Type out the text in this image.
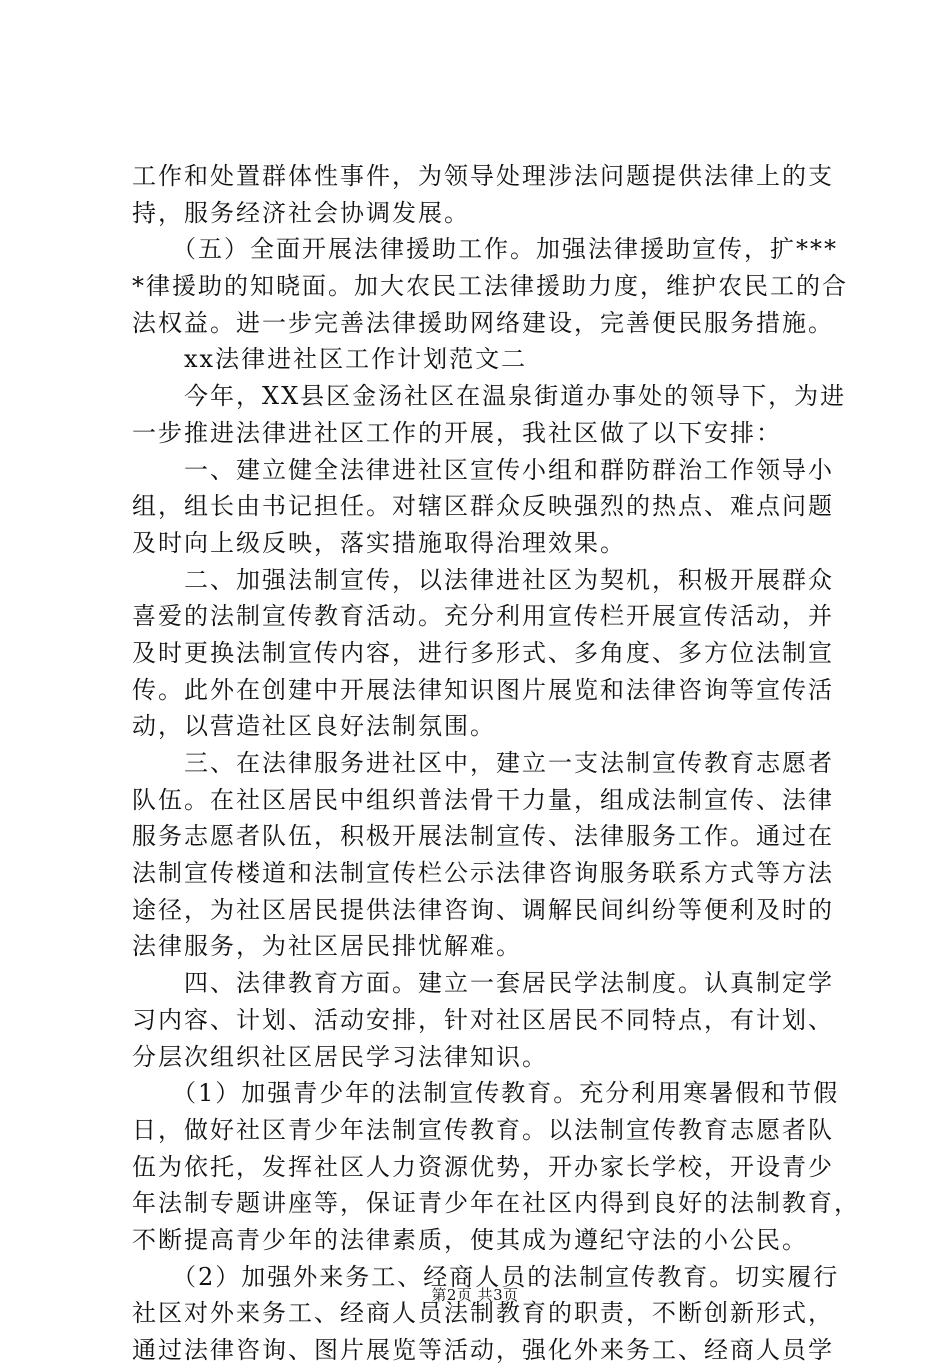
工作和处置群体性事件，为领导处理涉法问题提供法律上的支
持，服务经济社会协调发展。
　　（五）全面开展法律援助工作。加强法律援助宣传，扩***
*律援助的知晓面。加大农民工法律援助力度，维护农民工的合
法权益。进一步完善法律援助网络建设，完善便民服务措施。
　　xx法律进社区工作计划范文二
　　今年，XX县区金汤社区在温泉街道办事处的领导下，为进
一步推进法律进社区工作的开展，我社区做了以下安排：
　　一、建立健全法律进社区宣传小组和群防群治工作领导小
组，组长由书记担任。对辖区群众反映强烈的热点、难点问题
及时向上级反映，落实措施取得治理效果。
　　二、加强法制宣传，以法律进社区为契机，积极开展群众
喜爱的法制宣传教育活动。充分利用宣传栏开展宣传活动，并
及时更换法制宣传内容，进行多形式、多角度、多方位法制宣
传。此外在创建中开展法律知识图片展览和法律咨询等宣传活
动，以营造社区良好法制氛围。
　　三、在法律服务进社区中，建立一支法制宣传教育志愿者
队伍。在社区居民中组织普法骨干力量，组成法制宣传、法律
服务志愿者队伍，积极开展法制宣传、法律服务工作。通过在
法制宣传楼道和法制宣传栏公示法律咨询服务联系方式等方法
途径，为社区居民提供法律咨询、调解民间纠纷等便利及时的
法律服务，为社区居民排忧解难。
　　四、法律教育方面。建立一套居民学法制度。认真制定学
习内容、计划、活动安排，针对社区居民不同特点，有计划、
分层次组织社区居民学习法律知识。
　　（1）加强青少年的法制宣传教育。充分利用寒暑假和节假
日，做好社区青少年法制宣传教育。以法制宣传教育志愿者队
伍为依托，发挥社区人力资源优势，开办家长学校，开设青少
年法制专题讲座等，保证青少年在社区内得到良好的法制教育，
不断提高青少年的法律素质，使其成为遵纪守法的小公民。
　　（2）加强外来务工、经商人员的法制宣传教育。切实履行
社区对外来务工、经商人员法制教育的职责，不断创新形式，
通过法律咨询、图片展览等活动，强化外来务工、经商人员学
第2页 共3页
